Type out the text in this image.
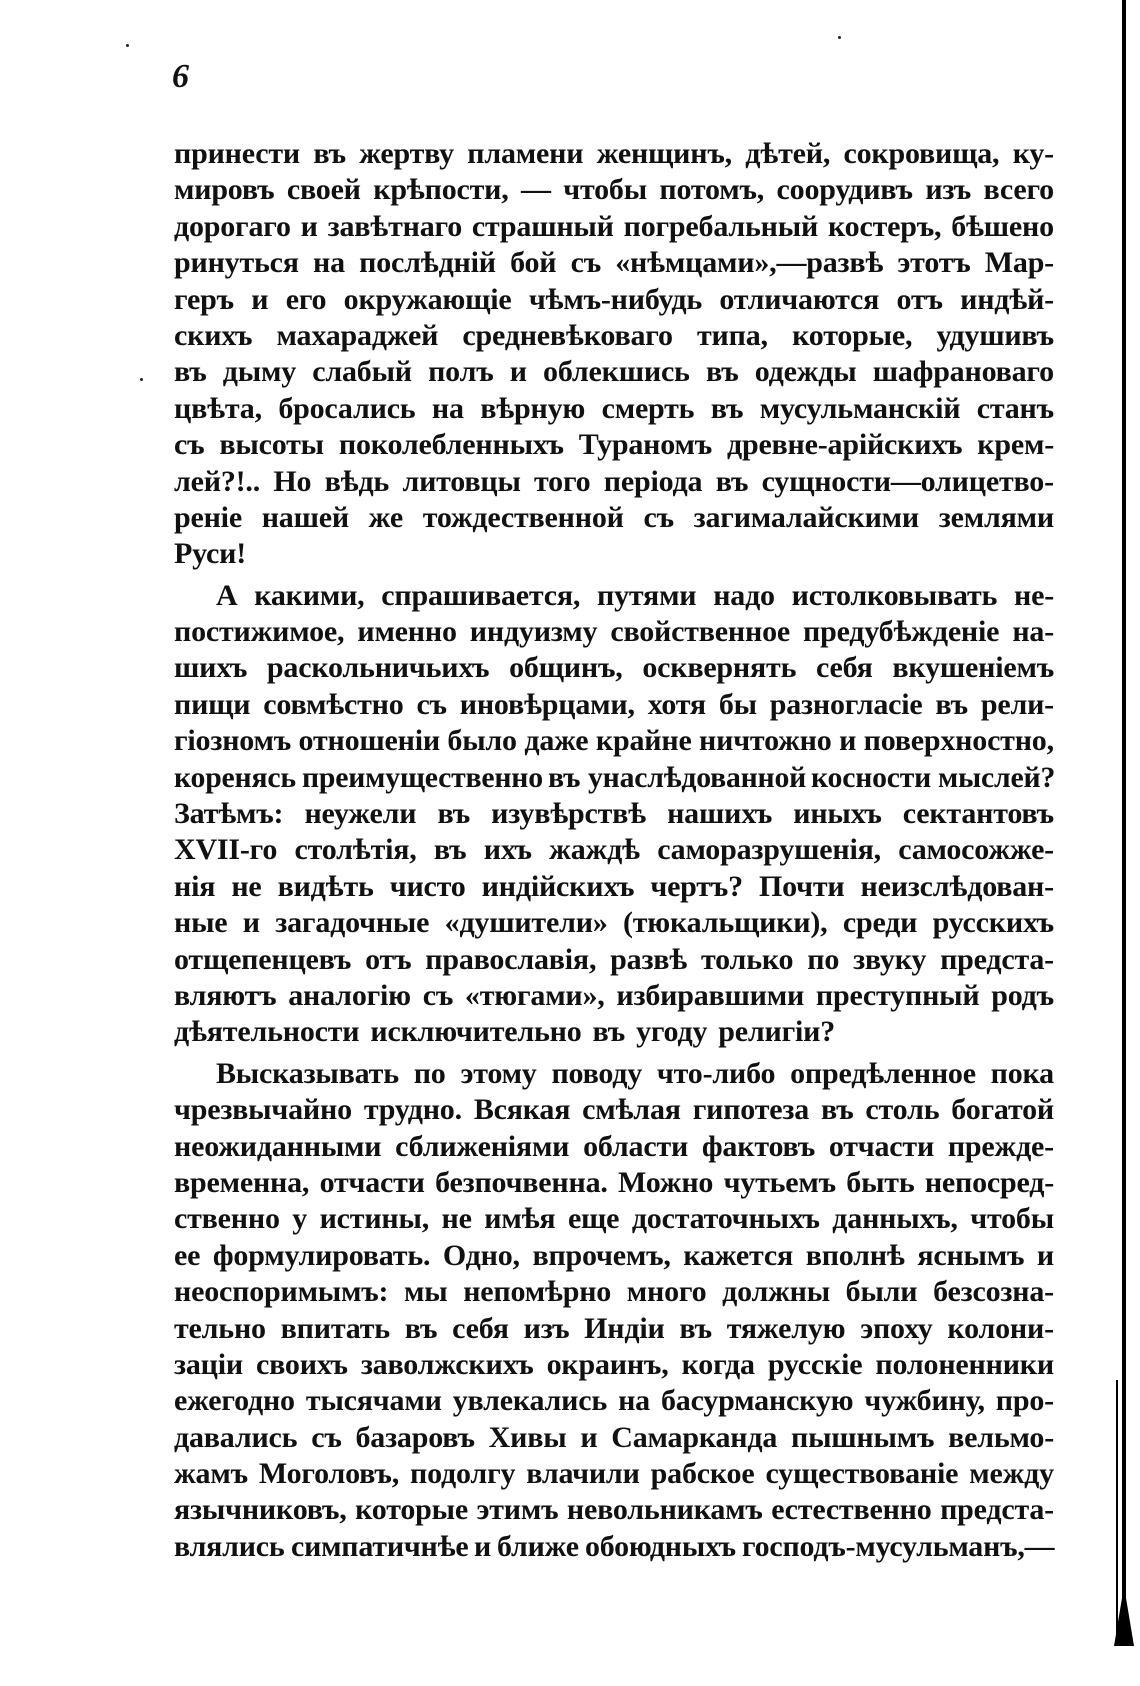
6
принести въ жертву пламени женщинъ, дѣтей, сокровища, ку-
мировъ своей крѣпости, — чтобы потомъ, соорудивъ изъ всего
дорогаго и завѣтнаго страшный погребальный костеръ, бѣшено
ринуться на послѣдній бой съ «нѣмцами»,—развѣ этотъ Мар-
геръ и его окружающіе чѣмъ-нибудь отличаются отъ индѣй-
скихъ махараджей средневѣковаго типа, которые, удушивъ
въ дыму слабый полъ и облекшись въ одежды шафрановаго
цвѣта, бросались на вѣрную смерть въ мусульманскій станъ
съ высоты поколебленныхъ Тураномъ древне-арійскихъ крем-
лей?!.. Но вѣдь литовцы того періода въ сущности—олицетво-
реніе нашей же тождественной съ загималайскими землями
Руси!
А какими, спрашивается, путями надо истолковывать не-
постижимое, именно индуизму свойственное предубѣжденіе на-
шихъ раскольничьихъ общинъ, осквернять себя вкушеніемъ
пищи совмѣстно съ иновѣрцами, хотя бы разногласіе въ рели-
гіозномъ отношеніи было даже крайне ничтожно и поверхностно,
коренясь преимущественно въ унаслѣдованной косности мыслей?
Затѣмъ: неужели въ изувѣрствѣ нашихъ иныхъ сектантовъ
XVII-го столѣтія, въ ихъ жаждѣ саморазрушенія, самосожже-
нія не видѣть чисто индійскихъ чертъ? Почти неизслѣдован-
ные и загадочные «душители» (тюкальщики), среди русскихъ
отщепенцевъ отъ православія, развѣ только по звуку предста-
вляютъ аналогію съ «тюгами», избиравшими преступный родъ
дѣятельности исключительно въ угоду религіи?
Высказывать по этому поводу что-либо опредѣленное пока
чрезвычайно трудно. Всякая смѣлая гипотеза въ столь богатой
неожиданными сближеніями области фактовъ отчасти прежде-
временна, отчасти безпочвенна. Можно чутьемъ быть непосред-
ственно у истины, не имѣя еще достаточныхъ данныхъ, чтобы
ее формулировать. Одно, впрочемъ, кажется вполнѣ яснымъ и
неоспоримымъ: мы непомѣрно много должны были безсозна-
тельно впитать въ себя изъ Индіи въ тяжелую эпоху колони-
заціи своихъ заволжскихъ окраинъ, когда русскіе полоненники
ежегодно тысячами увлекались на басурманскую чужбину, про-
давались съ базаровъ Хивы и Самарканда пышнымъ вельмо-
жамъ Моголовъ, подолгу влачили рабское существованіе между
язычниковъ, которые этимъ невольникамъ естественно предста-
влялись симпатичнѣе и ближе обоюдныхъ господъ-мусульманъ,—
